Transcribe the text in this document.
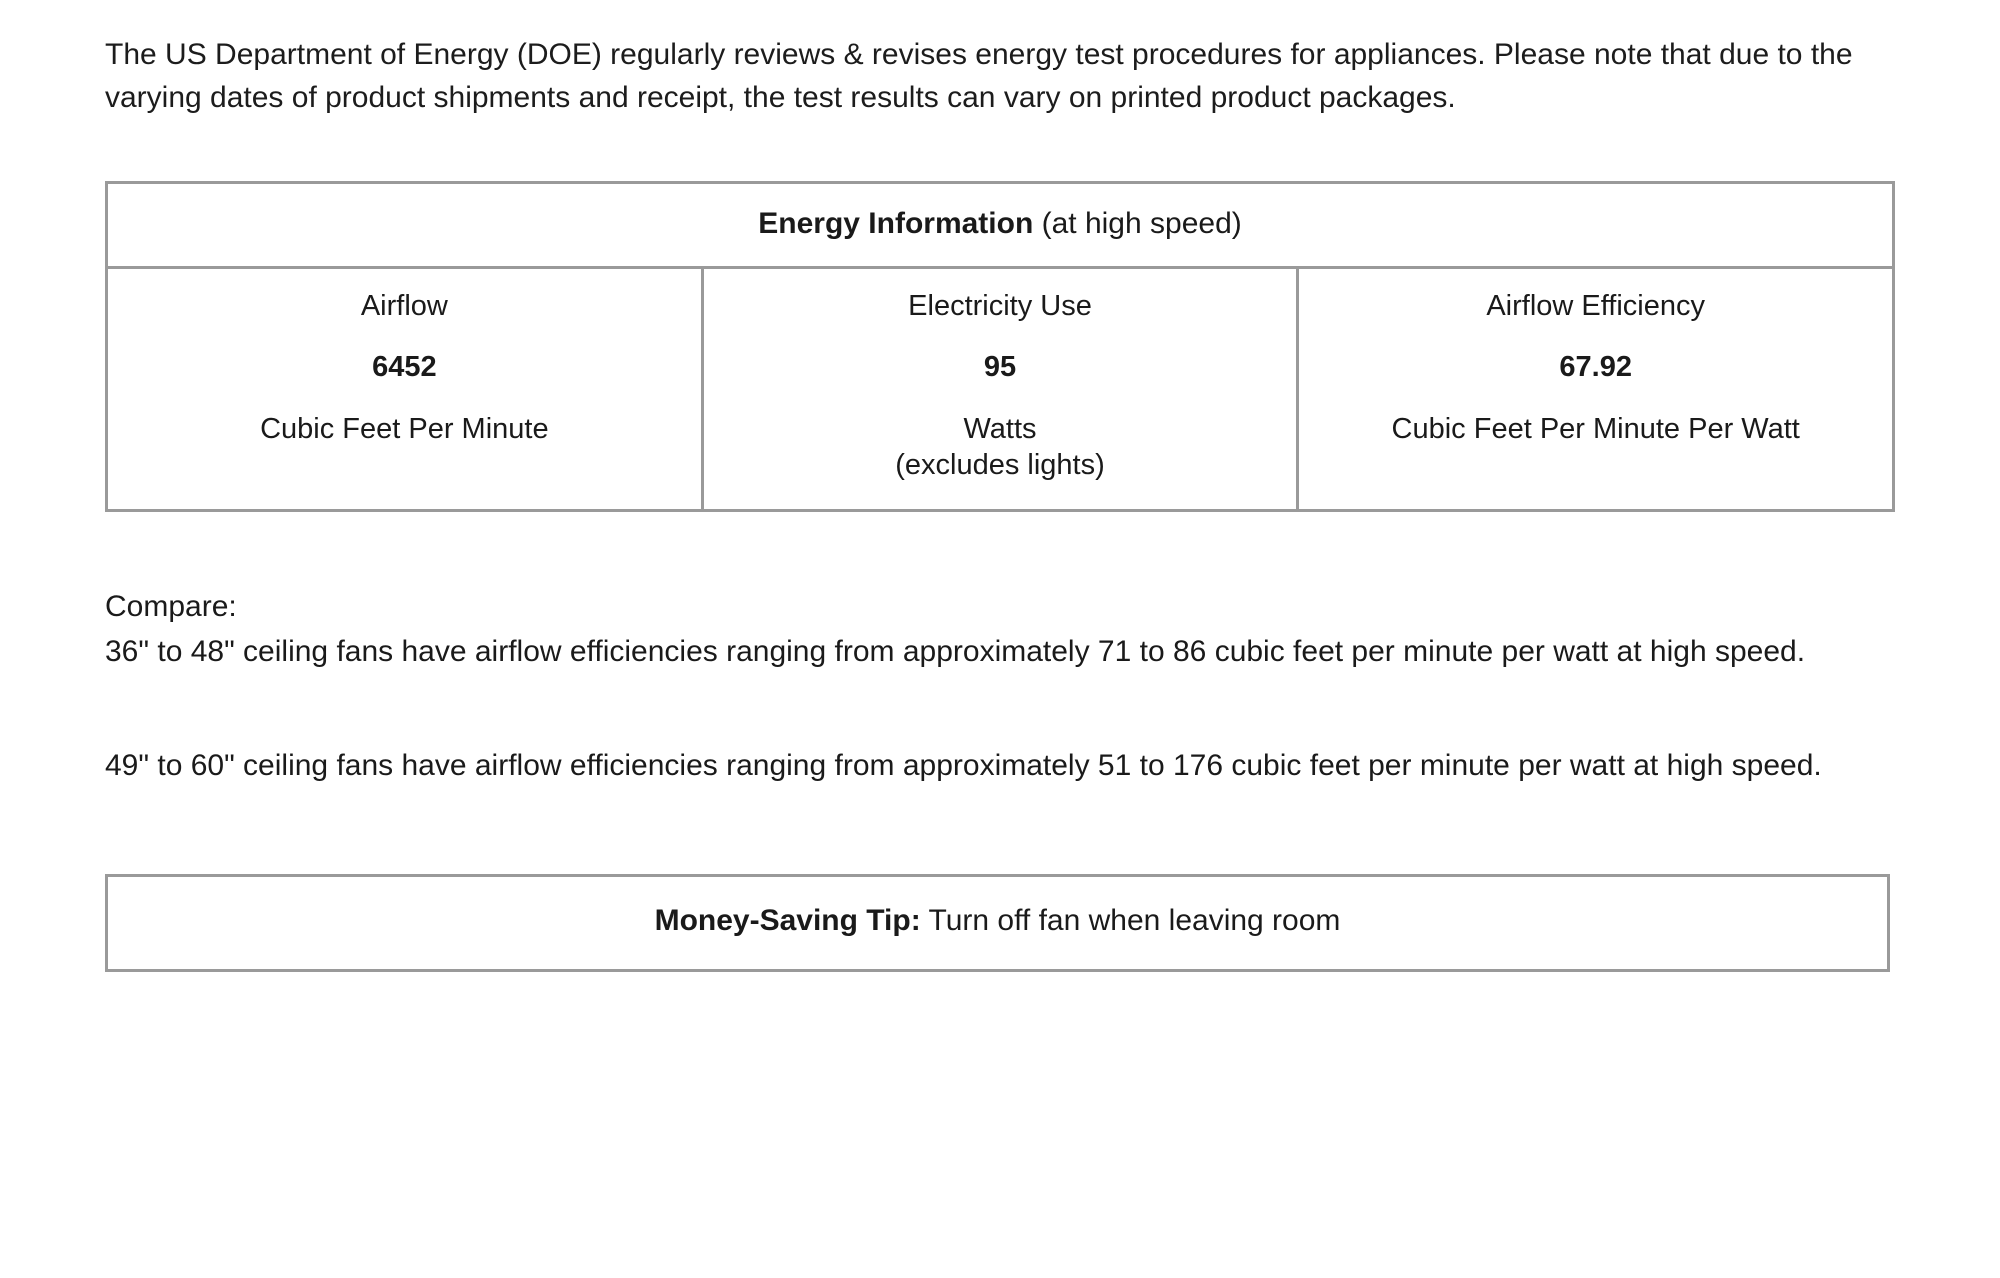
The US Department of Energy (DOE) regularly reviews & revises energy test procedures for appliances. Please note that due to the varying dates of product shipments and receipt, the test results can vary on printed product packages.

Energy Information (at high speed)
Airflow
6452
Cubic Feet Per Minute
Electricity Use
95
Watts
(excludes lights)
Airflow Efficiency
67.92
Cubic Feet Per Minute Per Watt

Compare:

36" to 48" ceiling fans have airflow efficiencies ranging from approximately 71 to 86 cubic feet per minute per watt at high speed.

49" to 60" ceiling fans have airflow efficiencies ranging from approximately 51 to 176 cubic feet per minute per watt at high speed.

Money-Saving Tip: Turn off fan when leaving room
